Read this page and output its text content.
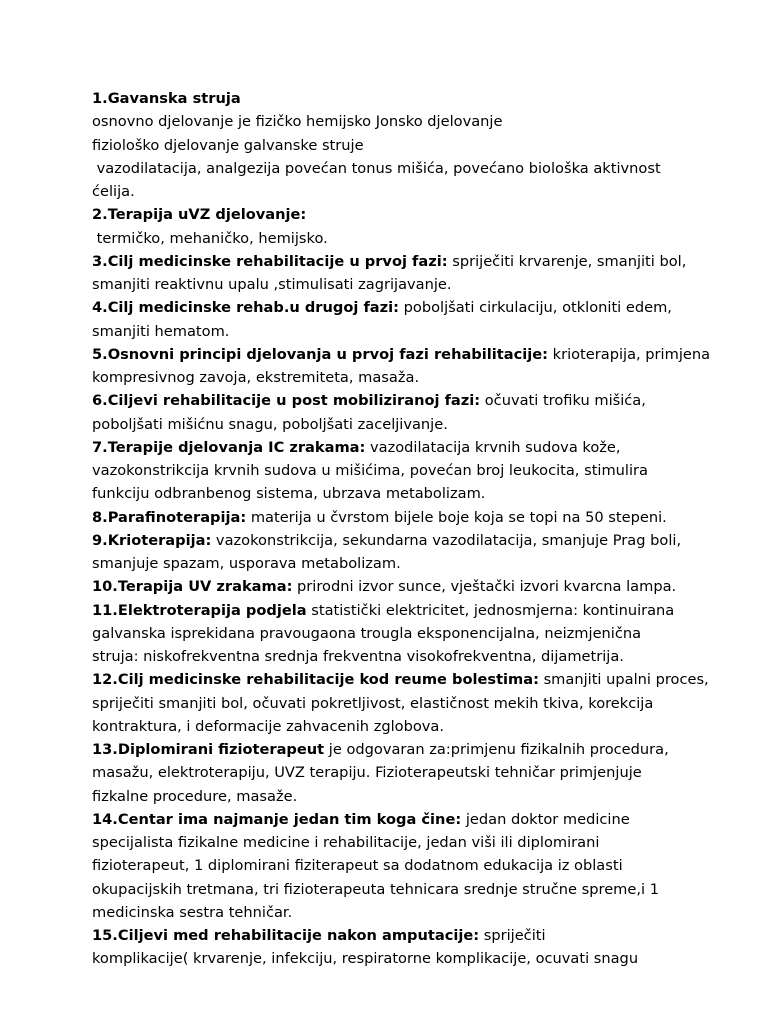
1.Gavanska struja
osnovno djelovanje je fizičko hemijsko Jonsko djelovanje
fiziološko djelovanje galvanske struje
vazodilatacija, analgezija povećan tonus mišića, povećano biološka aktivnost
ćelija.
2.Terapija uVZ djelovanje:
termičko, mehaničko, hemijsko.
3.Cilj medicinske rehabilitacije u prvoj fazi: spriječiti krvarenje, smanjiti bol,
smanjiti reaktivnu upalu ,stimulisati zagrijavanje.
4.Cilj medicinske rehab.u drugoj fazi: poboljšati cirkulaciju, otkloniti edem,
smanjiti hematom.
5.Osnovni principi djelovanja u prvoj fazi rehabilitacije: krioterapija, primjena
kompresivnog zavoja, ekstremiteta, masaža.
6.Ciljevi rehabilitacije u post mobiliziranoj fazi: očuvati trofiku mišića,
poboljšati mišićnu snagu, poboljšati zaceljivanje.
7.Terapije djelovanja IC zrakama: vazodilatacija krvnih sudova kože,
vazokonstrikcija krvnih sudova u mišićima, povećan broj leukocita, stimulira
funkciju odbranbenog sistema, ubrzava metabolizam.
8.Parafinoterapija: materija u čvrstom bijele boje koja se topi na 50 stepeni.
9.Krioterapija: vazokonstrikcija, sekundarna vazodilatacija, smanjuje Prag boli,
smanjuje spazam, usporava metabolizam.
10.Terapija UV zrakama: prirodni izvor sunce, vještački izvori kvarcna lampa.
11.Elektroterapija podjela statistički elektricitet, jednosmjerna: kontinuirana
galvanska isprekidana pravougaona trougla eksponencijalna, neizmjenična
struja: niskofrekventna srednja frekventna visokofrekventna, dijametrija.
12.Cilj medicinske rehabilitacije kod reume bolestima: smanjiti upalni proces,
spriječiti smanjiti bol, očuvati pokretljivost, elastičnost mekih tkiva, korekcija
kontraktura, i deformacije zahvacenih zglobova.
13.Diplomirani fizioterapeut je odgovaran za:primjenu fizikalnih procedura,
masažu, elektroterapiju, UVZ terapiju. Fizioterapeutski tehničar primjenjuje
fizkalne procedure, masaže.
14.Centar ima najmanje jedan tim koga čine: jedan doktor medicine
specijalista fizikalne medicine i rehabilitacije, jedan viši ili diplomirani
fizioterapeut, 1 diplomirani fiziterapeut sa dodatnom edukacija iz oblasti
okupacijskih tretmana, tri fizioterapeuta tehnicara srednje stručne spreme,i 1
medicinska sestra tehničar.
15.Ciljevi med rehabilitacije nakon amputacije: spriječiti
komplikacije( krvarenje, infekciju, respiratorne komplikacije, ocuvati snagu
